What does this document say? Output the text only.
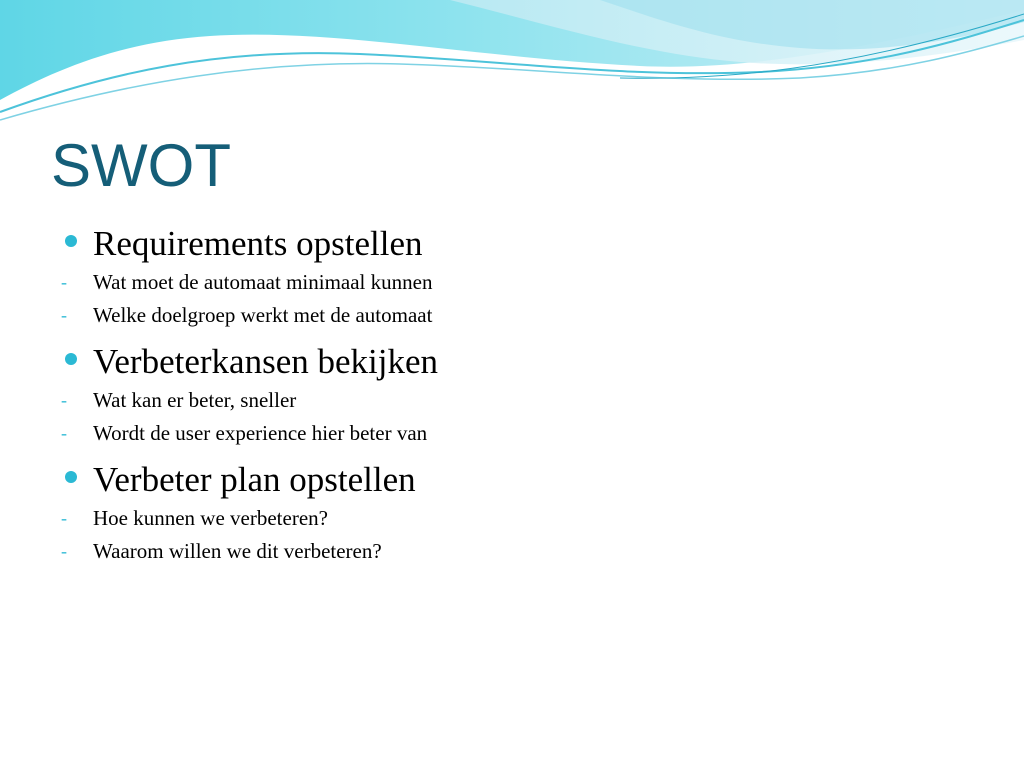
SWOT
Requirements opstellen
-	Wat moet de automaat minimaal kunnen
-	Welke doelgroep werkt met de automaat
Verbeterkansen bekijken
-	Wat kan er beter, sneller
-	Wordt de user experience hier beter van
Verbeter plan opstellen
-	Hoe kunnen we verbeteren?
-	Waarom willen we dit verbeteren?
